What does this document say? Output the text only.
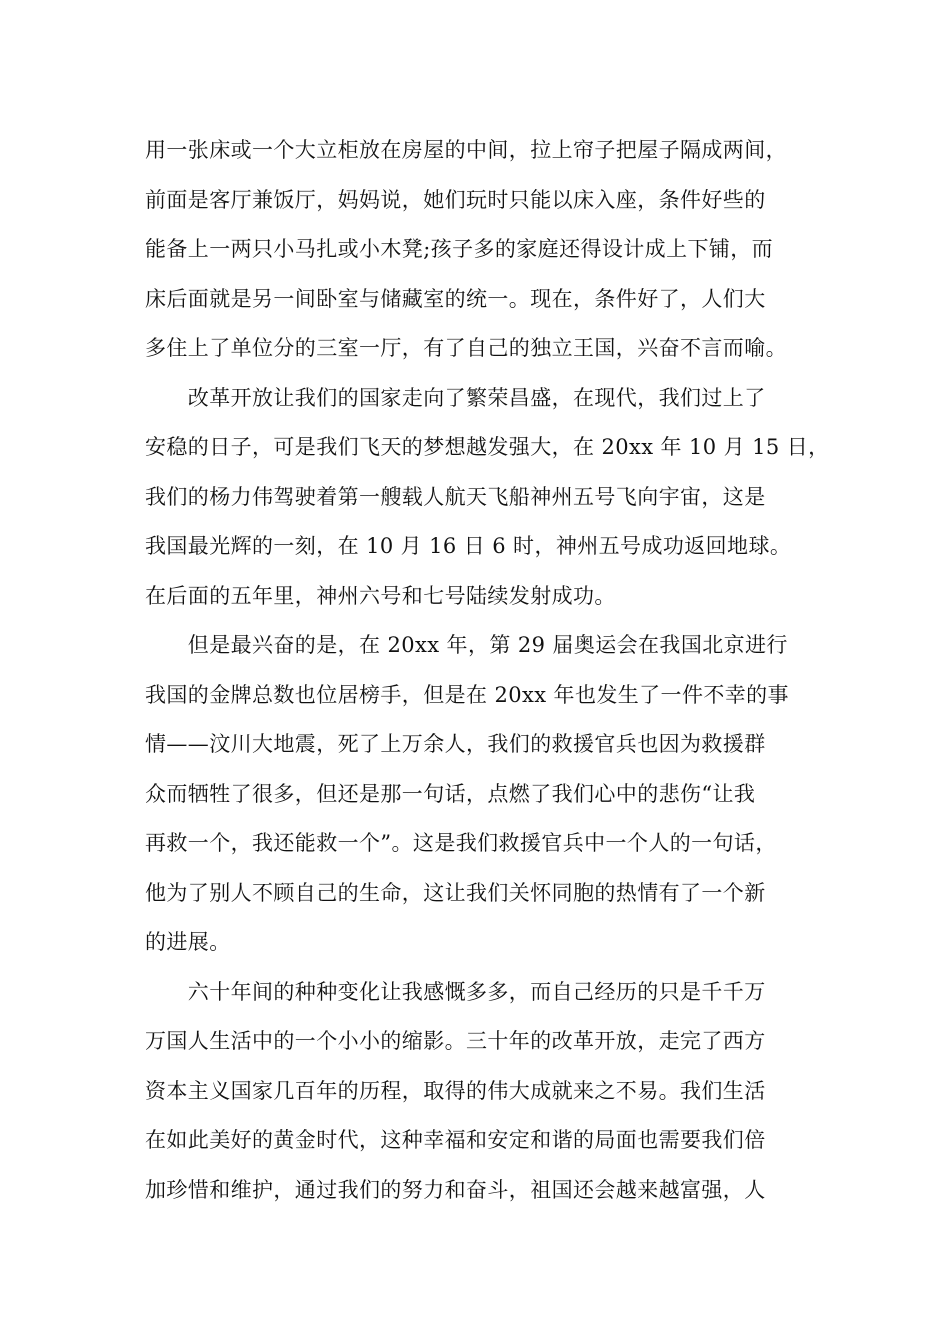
用一张床或一个大立柜放在房屋的中间，拉上帘子把屋子隔成两间，
前面是客厅兼饭厅，妈妈说，她们玩时只能以床入座，条件好些的
能备上一两只小马扎或小木凳;孩子多的家庭还得设计成上下铺，而
床后面就是另一间卧室与储藏室的统一。现在，条件好了，人们大
多住上了单位分的三室一厅，有了自己的独立王国，兴奋不言而喻。
　　改革开放让我们的国家走向了繁荣昌盛，在现代，我们过上了
安稳的日子，可是我们飞天的梦想越发强大，在 20xx 年 10 月 15 日，
我们的杨力伟驾驶着第一艘载人航天飞船神州五号飞向宇宙，这是
我国最光辉的一刻，在 10 月 16 日 6 时，神州五号成功返回地球。
在后面的五年里，神州六号和七号陆续发射成功。
　　但是最兴奋的是，在 20xx 年，第 29 届奥运会在我国北京进行
我国的金牌总数也位居榜手，但是在 20xx 年也发生了一件不幸的事
情——汶川大地震，死了上万余人，我们的救援官兵也因为救援群
众而牺牲了很多，但还是那一句话，点燃了我们心中的悲伤“让我
再救一个，我还能救一个”。这是我们救援官兵中一个人的一句话，
他为了别人不顾自己的生命，这让我们关怀同胞的热情有了一个新
的进展。
　　六十年间的种种变化让我感慨多多，而自己经历的只是千千万
万国人生活中的一个小小的缩影。三十年的改革开放，走完了西方
资本主义国家几百年的历程，取得的伟大成就来之不易。我们生活
在如此美好的黄金时代，这种幸福和安定和谐的局面也需要我们倍
加珍惜和维护，通过我们的努力和奋斗，祖国还会越来越富强，人
